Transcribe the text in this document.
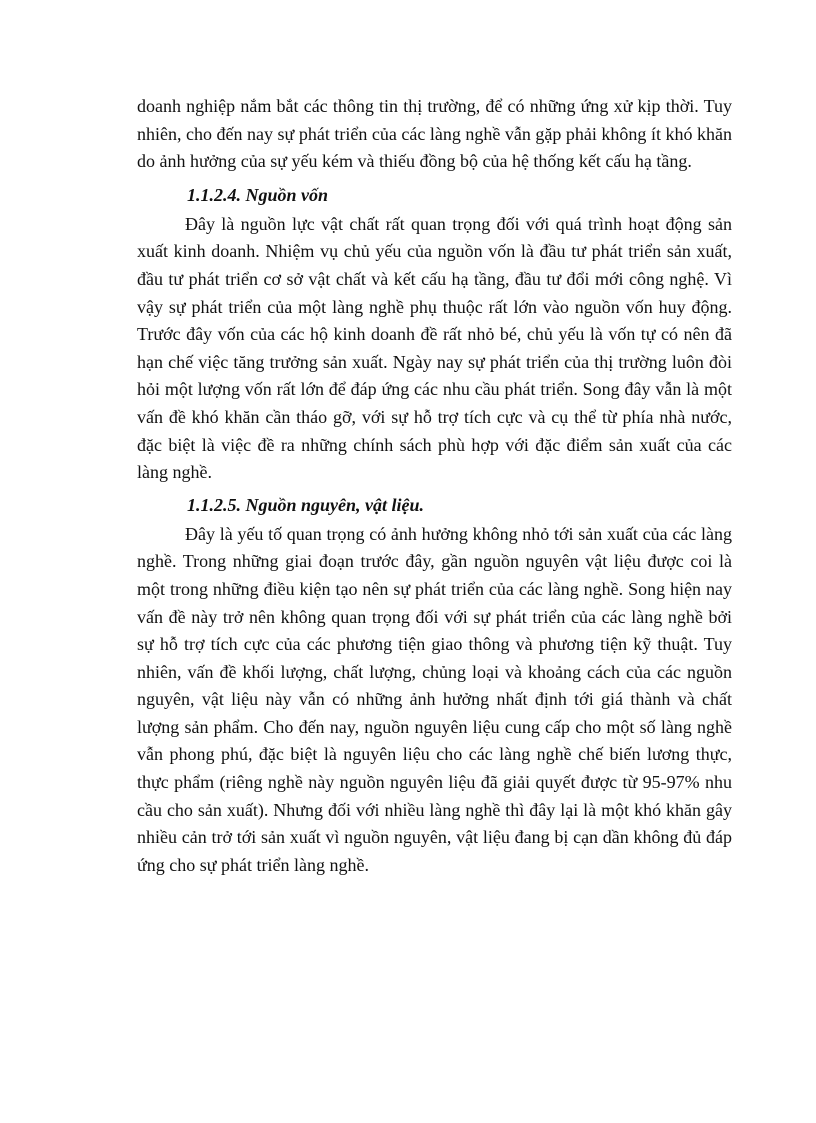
doanh nghiệp nắm bắt các thông tin thị trường, để có những ứng xử kịp thời. Tuy nhiên, cho đến nay sự phát triển của các làng nghề vẫn gặp phải không ít khó khăn do ảnh hưởng của sự yếu kém và thiếu đồng bộ của hệ thống kết cấu hạ tầng.

1.1.2.4. Nguồn vốn

Đây là nguồn lực vật chất rất quan trọng đối với quá trình hoạt động sản xuất kinh doanh. Nhiệm vụ chủ yếu của nguồn vốn là đầu tư phát triển sản xuất, đầu tư phát triển cơ sở vật chất và kết cấu hạ tầng, đầu tư đổi mới công nghệ. Vì vậy sự phát triển của một làng nghề phụ thuộc rất lớn vào nguồn vốn huy động. Trước đây vốn của các hộ kinh doanh đề rất nhỏ bé, chủ yếu là vốn tự có nên đã hạn chế việc tăng trưởng sản xuất. Ngày nay sự phát triển của thị trường luôn đòi hỏi một lượng vốn rất lớn để đáp ứng các nhu cầu phát triển. Song đây vẫn là một vấn đề khó khăn cần tháo gỡ, với sự hỗ trợ tích cực và cụ thể từ phía nhà nước, đặc biệt là việc đề ra những chính sách phù hợp với đặc điểm sản xuất của các làng nghề.

1.1.2.5. Nguồn nguyên, vật liệu.

Đây là yếu tố quan trọng có ảnh hưởng không nhỏ tới sản xuất của các làng nghề. Trong những giai đoạn trước đây, gần nguồn nguyên vật liệu được coi là một trong những điều kiện tạo nên sự phát triển của các làng nghề. Song hiện nay vấn đề này trở nên không quan trọng đối với sự phát triển của các làng nghề bởi sự hỗ trợ tích cực của các phương tiện giao thông và phương tiện kỹ thuật. Tuy nhiên, vấn đề khối lượng, chất lượng, chủng loại và khoảng cách của các nguồn nguyên, vật liệu này vẫn có những ảnh hưởng nhất định tới giá thành và chất lượng sản phẩm. Cho đến nay, nguồn nguyên liệu cung cấp cho một số làng nghề vẫn phong phú, đặc biệt là nguyên liệu cho các làng nghề chế biến lương thực, thực phẩm (riêng nghề này nguồn nguyên liệu đã giải quyết được từ 95-97% nhu cầu cho sản xuất). Nhưng đối với nhiều làng nghề thì đây lại là một khó khăn gây nhiều cản trở tới sản xuất vì nguồn nguyên, vật liệu đang bị cạn dần không đủ đáp ứng cho sự phát triển làng nghề.
